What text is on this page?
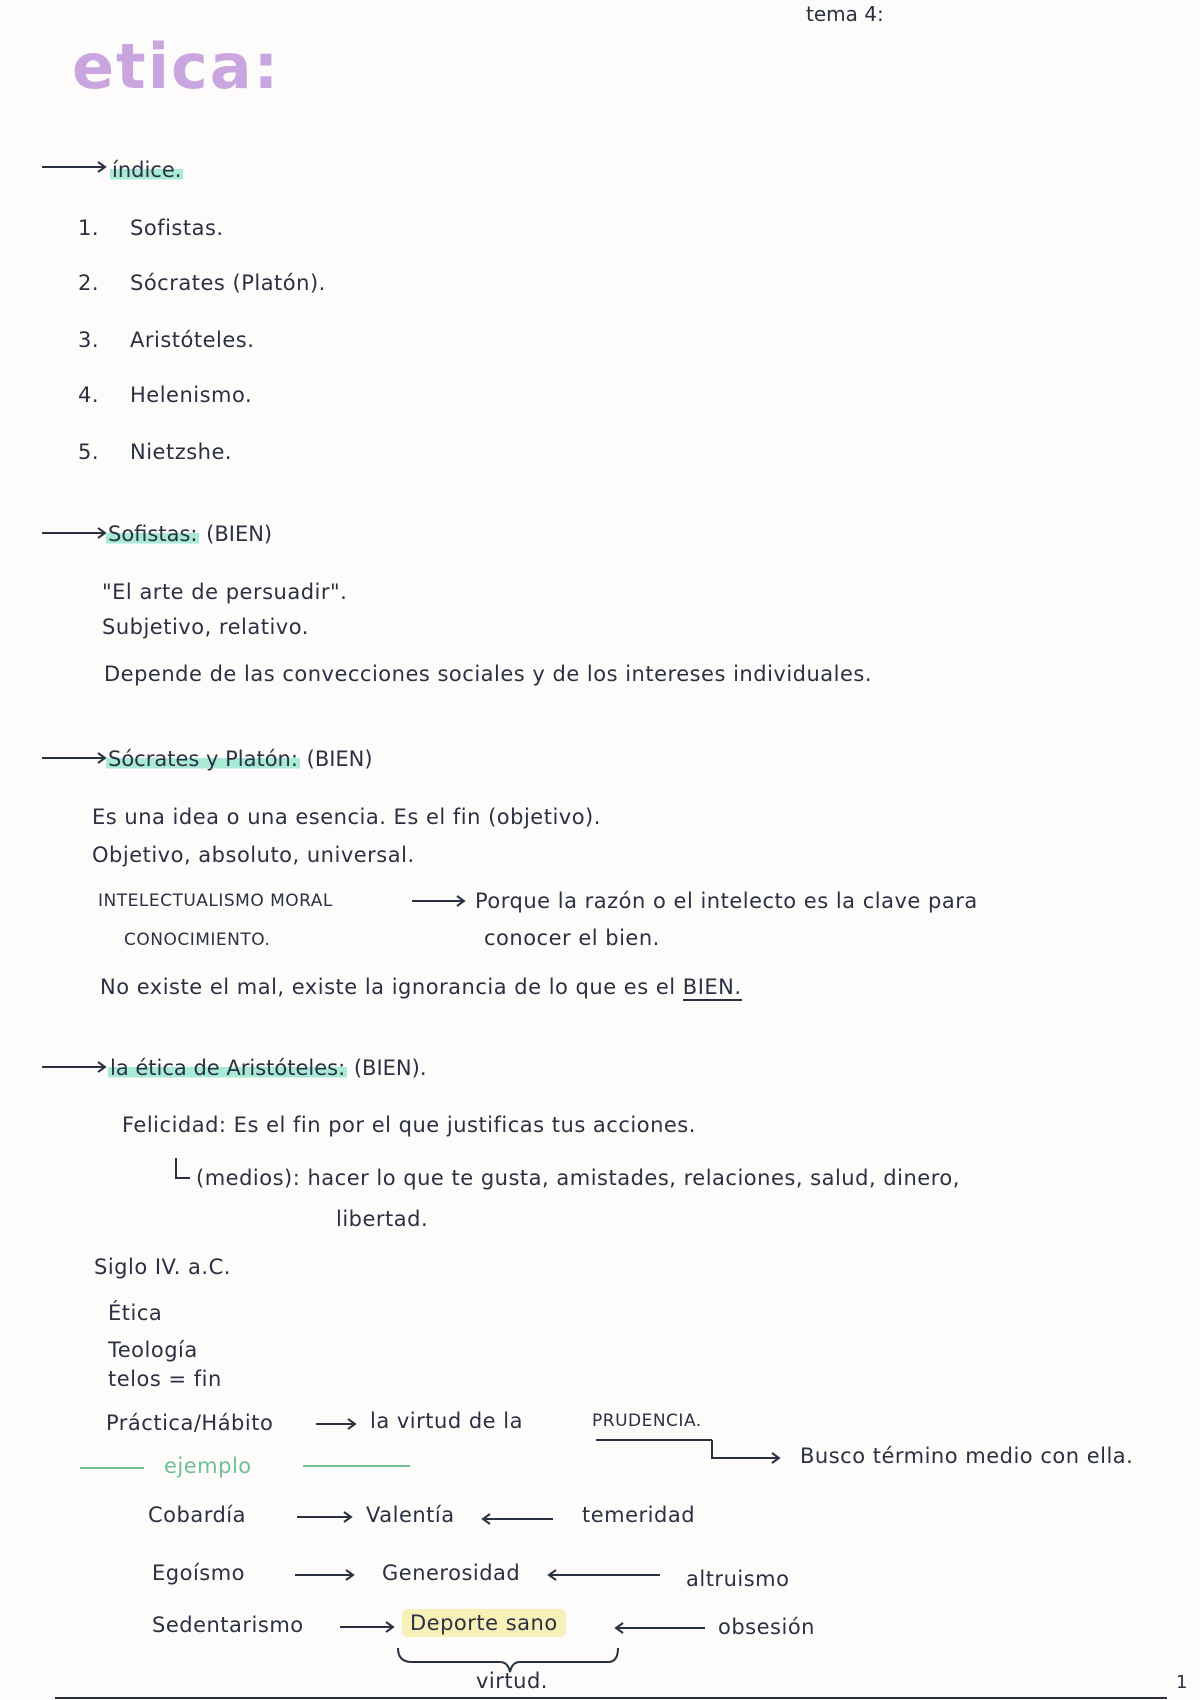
tema 4:
etica:
índice.
1. Sofistas.
2. Sócrates (Platón).
3. Aristóteles.
4. Helenismo.
5. Nietzshe.
Sofistas: (BIEN)
"El arte de persuadir".
Subjetivo, relativo.
Depende de las convecciones sociales y de los intereses individuales.
Sócrates y Platón: (BIEN)
Es una idea o una esencia. Es el fin (objetivo).
Objetivo, absoluto, universal.
INTELECTUALISMO MORAL
CONOCIMIENTO.
Porque la razón o el intelecto es la clave para
conocer el bien.
No existe el mal, existe la ignorancia de lo que es el BIEN.
la ética de Aristóteles: (BIEN).
Felicidad: Es el fin por el que justificas tus acciones.
(medios): hacer lo que te gusta, amistades, relaciones, salud, dinero,
libertad.
Siglo IV. a.C.
Ética
Teología
telos = fin
Práctica/Hábito	la virtud de la	PRUDENCIA.
Busco término medio con ella.
ejemplo
Cobardía	Valentía	temeridad
Egoísmo	Generosidad	altruismo
Sedentarismo	Deporte sano	obsesión
virtud.	1
